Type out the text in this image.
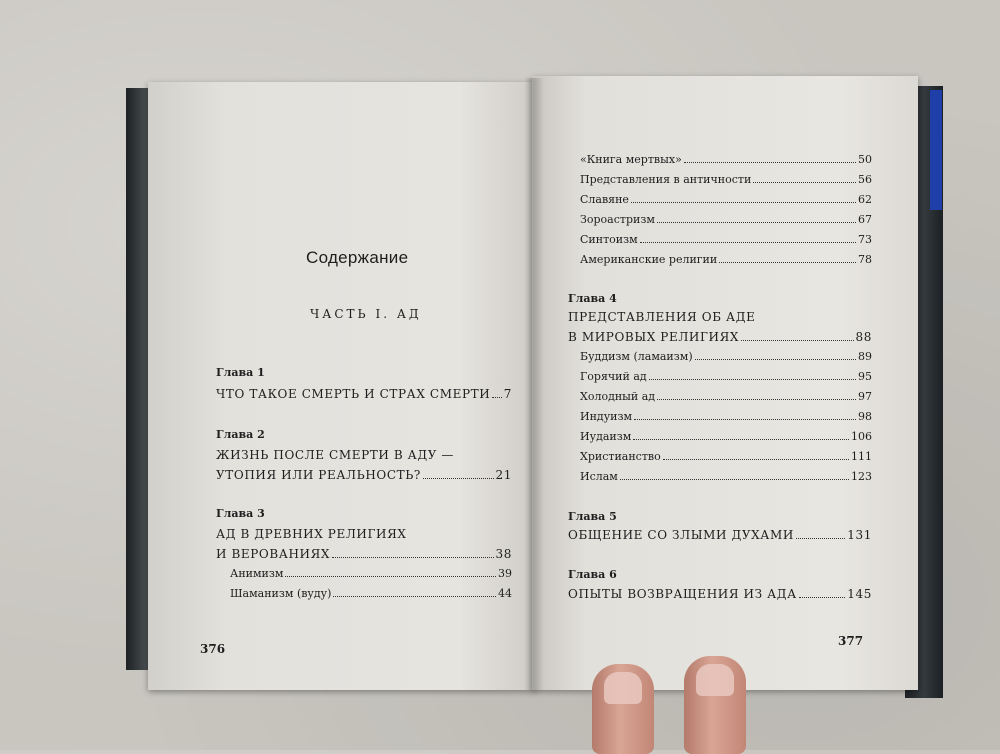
Содержание
ЧАСТЬ I. АД
Глава 1
ЧТО ТАКОЕ СМЕРТЬ И СТРАХ СМЕРТИ 7
Глава 2
ЖИЗНЬ ПОСЛЕ СМЕРТИ В АДУ —
УТОПИЯ ИЛИ РЕАЛЬНОСТЬ?	21
Глава 3
АД В ДРЕВНИХ РЕЛИГИЯХ
И ВЕРОВАНИЯХ	38
Анимизм	39
Шаманизм (вуду)	44
376
«Книга мертвых»	50
Представления в античности	56
Славяне	62
Зороастризм	67
Синтоизм	73
Американские религии	78
Глава 4
ПРЕДСТАВЛЕНИЯ ОБ АДЕ
В МИРОВЫХ РЕЛИГИЯХ	88
Буддизм (ламаизм)	89
Горячий ад	95
Холодный ад	97
Индуизм	98
Иудаизм	106
Христианство	111
Ислам	123
Глава 5
ОБЩЕНИЕ СО ЗЛЫМИ ДУХАМИ	131
Глава 6
ОПЫТЫ ВОЗВРАЩЕНИЯ ИЗ АДА	145
377
